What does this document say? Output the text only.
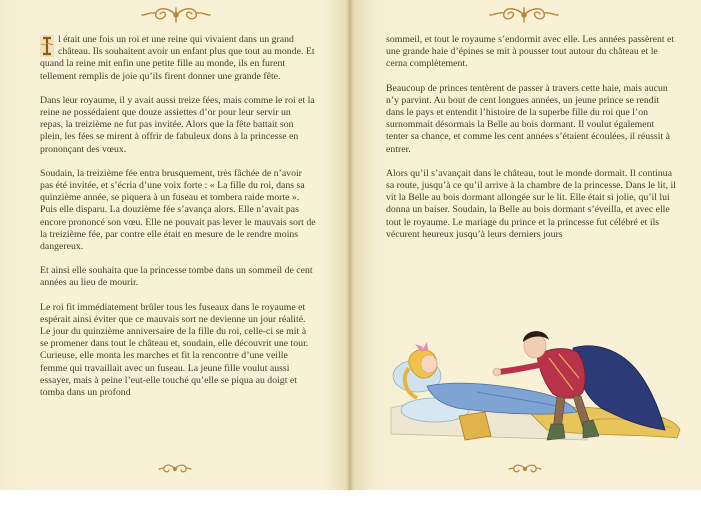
l était une fois un roi et une reine qui vivaient dans un grand château. Ils souhaitent avoir un enfant plus que tout au monde. Et quand la reine mit enfin une petite fille au monde, ils en furent tellement remplis de joie qu’ils firent donner une grande fête.

Dans leur royaume, il y avait aussi treize fées, mais comme le roi et la reine ne possédaient que douze assiettes d’or pour leur servir un repas, la treizième ne fut pas invitée. Alors que la fête battait son plein, les fées se mirent à offrir de fabuleux dons à la princesse en prononçant des vœux.

Soudain, la treizième fée entra brusquement, très fâchée de n’avoir pas été invitée, et s’écria d’une voix forte : « La fille du roi, dans sa quinzième année, se piquera à un fuseau et tombera raide morte ». Puis elle disparu. La douzième fée s’avança alors. Elle n’avait pas encore prononcé son vœu. Elle ne pouvait pas lever le mauvais sort de la treizième fée, par contre elle était en mesure de le rendre moins dangereux.

Et ainsi elle souhaita que la princesse tombe dans un sommeil de cent années au lieu de mourir.

Le roi fit immédiatement brûler tous les fuseaux dans le royaume et espérait ainsi éviter que ce mauvais sort ne devienne un jour réalité. Le jour du quinzième anniversaire de la fille du roi, celle-ci se mit à se promener dans tout le château et, soudain, elle découvrit une tour. Curieuse, elle monta les marches et fit la rencontre d’une veille femme qui travaillait avec un fuseau. La jeune fille voulut aussi essayer, mais à peine l’eut-elle touché qu’elle se piqua au doigt et tomba dans un profond

sommeil, et tout le royaume s’endormit avec elle. Les années passèrent et une grande haie d’épines se mit à pousser tout autour du château et le cerna complètement.

Beaucoup de princes tentèrent de passer à travers cette haie, mais aucun n’y parvint. Au bout de cent longues années, un jeune prince se rendit dans le pays et entendit l’histoire de la superbe fille du roi que l’on surnommait désormais la Belle au bois dormant. Il voulut également tenter sa chance, et comme les cent années s’étaient écoulées, il réussit à entrer.

Alors qu’il s’avançait dans le château, tout le monde dormait. Il continua sa route, jusqu’à ce qu’il arrive à la chambre de la princesse. Dans le lit, il vit la Belle au bois dormant allongée sur le lit. Elle était si jolie, qu’il lui donna un baiser. Soudain, la Belle au bois dormant s’éveilla, et avec elle tout le royaume. Le mariage du prince et la princesse fut célébré et ils vécurent heureux jusqu’à leurs derniers jours
